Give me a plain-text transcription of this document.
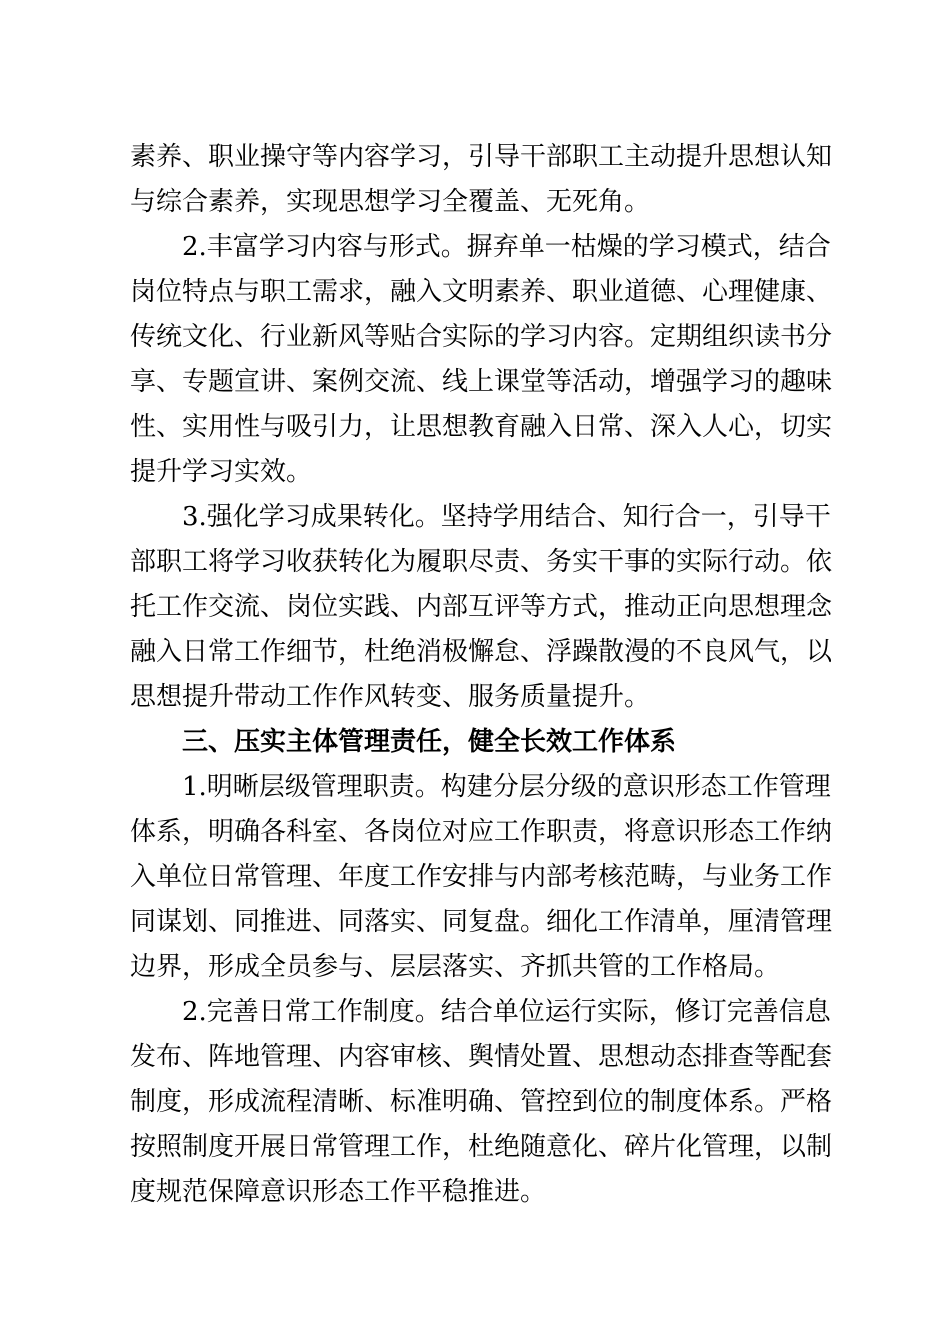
素养、职业操守等内容学习，引导干部职工主动提升思想认知
与综合素养，实现思想学习全覆盖、无死角。
2.丰富学习内容与形式。摒弃单一枯燥的学习模式，结合
岗位特点与职工需求，融入文明素养、职业道德、心理健康、
传统文化、行业新风等贴合实际的学习内容。定期组织读书分
享、专题宣讲、案例交流、线上课堂等活动，增强学习的趣味
性、实用性与吸引力，让思想教育融入日常、深入人心，切实
提升学习实效。
3.强化学习成果转化。坚持学用结合、知行合一，引导干
部职工将学习收获转化为履职尽责、务实干事的实际行动。依
托工作交流、岗位实践、内部互评等方式，推动正向思想理念
融入日常工作细节，杜绝消极懈怠、浮躁散漫的不良风气，以
思想提升带动工作作风转变、服务质量提升。
三、压实主体管理责任，健全长效工作体系
1.明晰层级管理职责。构建分层分级的意识形态工作管理
体系，明确各科室、各岗位对应工作职责，将意识形态工作纳
入单位日常管理、年度工作安排与内部考核范畴，与业务工作
同谋划、同推进、同落实、同复盘。细化工作清单，厘清管理
边界，形成全员参与、层层落实、齐抓共管的工作格局。
2.完善日常工作制度。结合单位运行实际，修订完善信息
发布、阵地管理、内容审核、舆情处置、思想动态排查等配套
制度，形成流程清晰、标准明确、管控到位的制度体系。严格
按照制度开展日常管理工作，杜绝随意化、碎片化管理，以制
度规范保障意识形态工作平稳推进。
